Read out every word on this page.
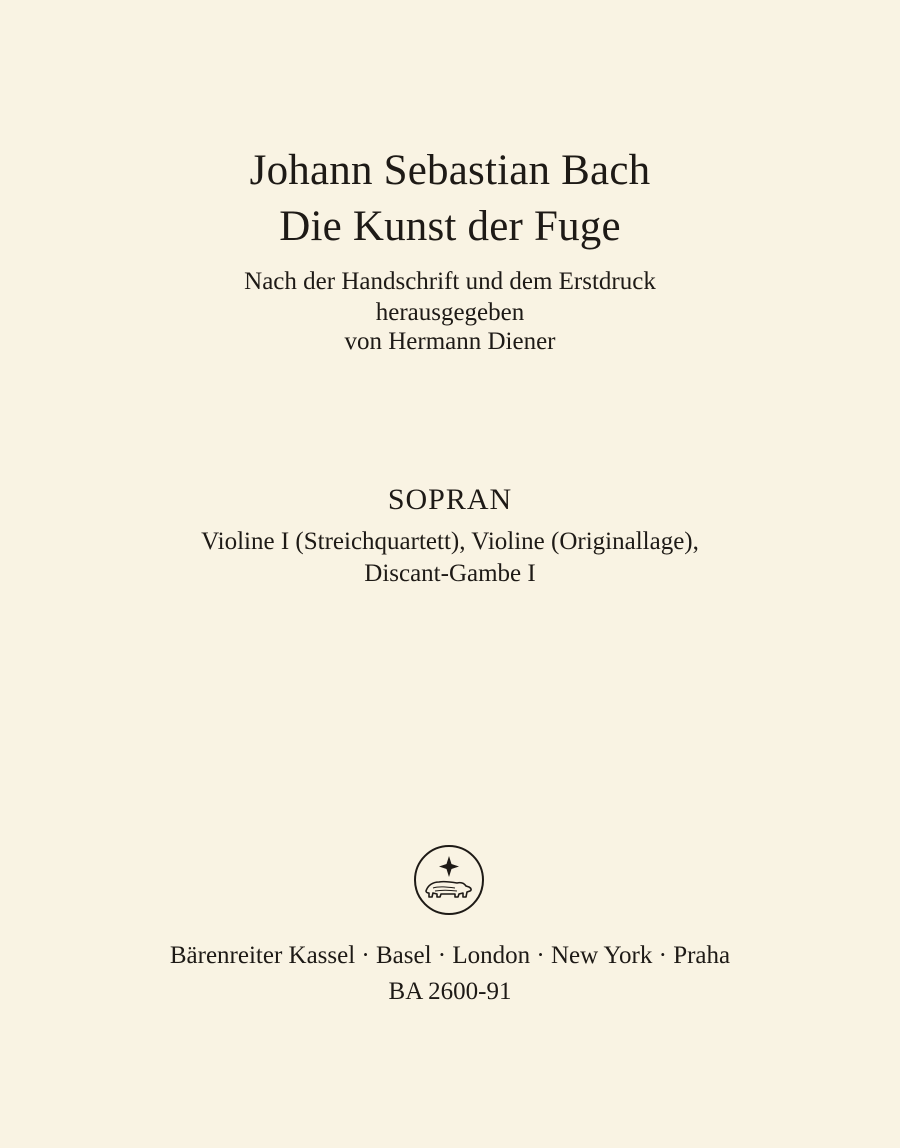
Johann Sebastian Bach
Die Kunst der Fuge
Nach der Handschrift und dem Erstdruck
herausgegeben
von Hermann Diener
SOPRAN
Violine I (Streichquartett), Violine (Originallage),
Discant-Gambe I
Bärenreiter Kassel · Basel · London · New York · Praha
BA 2600-91
